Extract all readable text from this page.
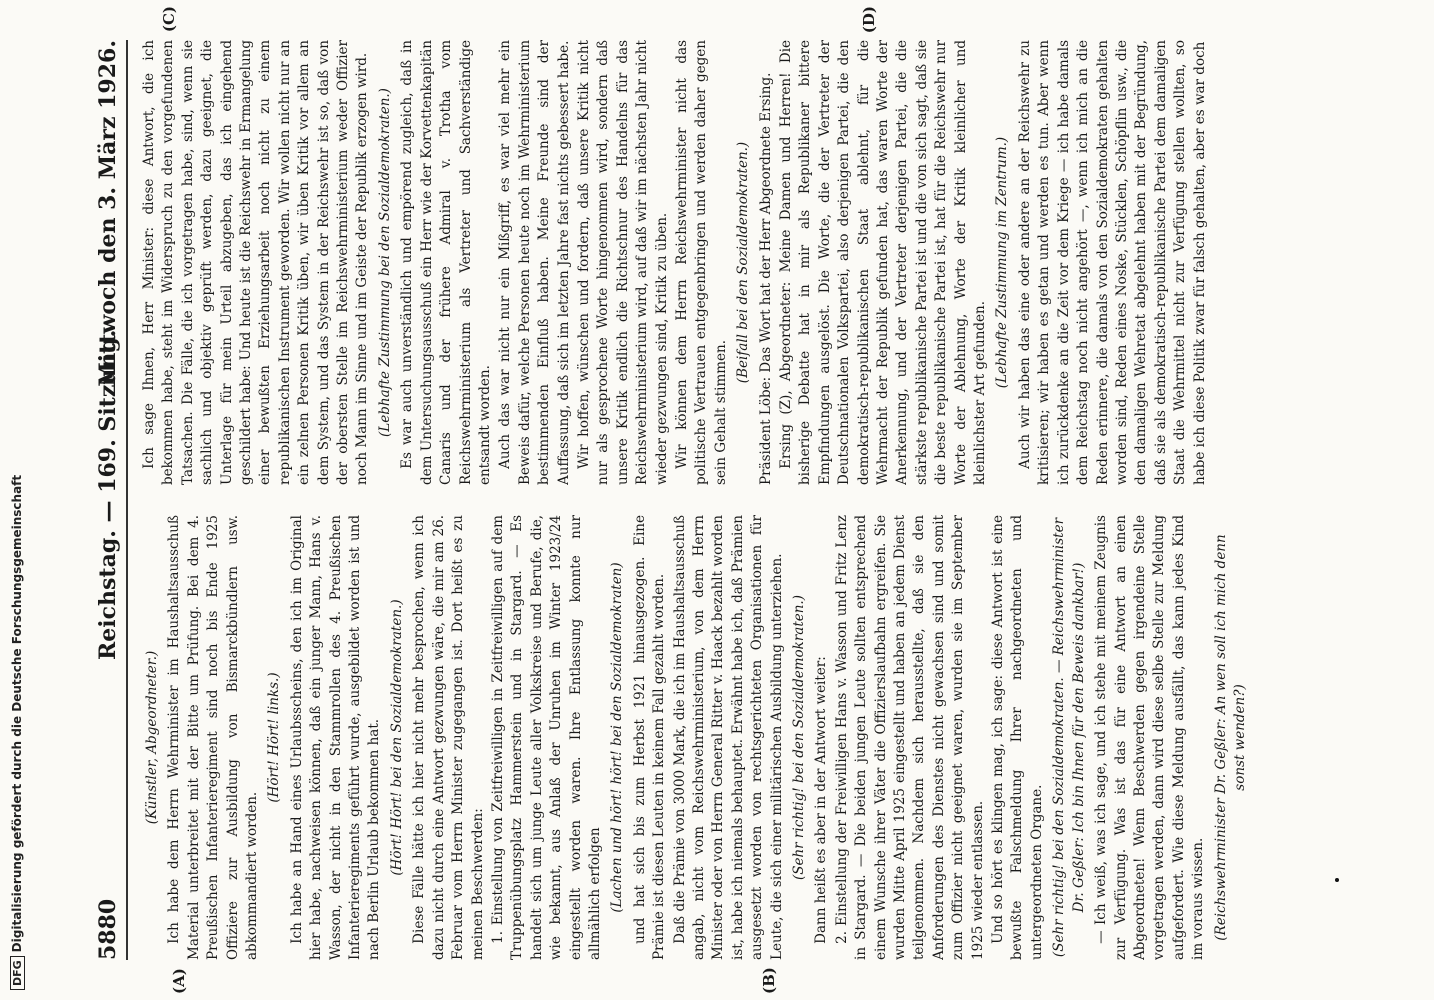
5880
Reichstag. — 169. Sitzung.
Mittwoch den 3. März 1926.
(A)	(B)
(C)	(D)

(Künstler, Abgeordneter.) Ich habe dem Herrn Wehrminister im Haushaltsausschuß Material unterbreitet mit der Bitte um Prüfung. Bei dem 4. Preußischen Infanterieregiment sind noch bis Ende 1925 Offiziere zur Ausbildung von Bismarckbündlern usw. abkommandiert worden.

(Hört! Hört! links.) Ich habe an Hand eines Urlaubsscheins, den ich im Original hier habe, nachweisen können, daß ein junger Mann, Hans v. Wasson, der nicht in den Stammrollen des 4. Preußischen Infanterieregiments geführt wurde, ausgebildet worden ist und nach Berlin Urlaub bekommen hat. (Hört! Hört! bei den Sozialdemokraten.) Diese Fälle hätte ich hier nicht mehr besprochen, wenn ich dazu nicht durch eine Antwort gezwungen wäre, die mir am 26. Februar vom Herrn Minister zugegangen ist. Dort heißt es zu meinen Beschwerden: 1. Einstellung von Zeitfreiwilligen in Zeitfreiwilligen auf dem Truppenübungsplatz Hammerstein und in Stargard. — Es handelt sich um junge Leute aller Volkskreise und Berufe, die, wie bekannt, aus Anlaß der Unruhen im Winter 1923/24 eingestellt worden waren. Ihre Entlassung konnte nur allmählich erfolgen (Lachen und hört! hört! bei den Sozialdemokraten) und hat sich bis zum Herbst 1921 hinausgezogen. Eine Prämie ist diesen Leuten in keinem Fall gezahlt worden. Daß die Prämie von 3000 Mark, die ich im Haushaltsausschuß angab, nicht vom Reichswehrministerium, von dem Herrn Minister oder von Herrn General Ritter v. Haack bezahlt worden ist, habe ich niemals behauptet. Erwähnt habe ich, daß Prämien ausgesetzt worden von rechtsgerichteten Organisationen für Leute, die sich einer militärischen Ausbildung unterziehen. (Sehr richtig! bei den Sozialdemokraten.) Dann heißt es aber in der Antwort weiter: 2. Einstellung der Freiwilligen Hans v. Wasson und Fritz Lenz in Stargard. — Die beiden jungen Leute sollten entsprechend einem Wunsche ihrer Väter die Offizierslaufbahn ergreifen. Sie wurden Mitte April 1925 eingestellt und haben an jedem Dienst teilgenommen. Nachdem sich herausstellte, daß sie den Anforderungen des Dienstes nicht gewachsen sind und somit zum Offizier nicht geeignet waren, wurden sie im September 1925 wieder entlassen. Und so hört es klingen mag, ich sage: diese Antwort ist eine bewußte Falschmeldung Ihrer nachgeordneten und untergeordneten Organe. (Sehr richtig! bei den Sozialdemokraten. — Reichswehrminister Dr. Geßler: Ich bin Ihnen für den Beweis dankbar!) — Ich weiß, was ich sage, und ich stehe mit meinem Zeugnis zur Verfügung. Was ist das für eine Antwort an einen Abgeordneten! Wenn Beschwerden gegen irgendeine Stelle vorgetragen werden, dann wird diese selbe Stelle zur Meldung aufgefordert. Wie diese Meldung ausfällt, das kann jedes Kind im voraus wissen. (Reichswehrminister Dr. Geßler: An wen soll ich mich denn sonst wenden?)

Ich sage Ihnen, Herr Minister: diese Antwort, die ich bekommen habe, steht im Widerspruch zu den vorgefundenen Tatsachen. Die Fälle, die ich vorgetragen habe, sind, wenn sie sachlich und objektiv geprüft werden, dazu geeignet, die Unterlage für mein Urteil abzugeben, das ich eingehend geschildert habe: Und heute ist die Reichswehr in Ermangelung einer bewußten Erziehungsarbeit noch nicht zu einem republikanischen Instrument geworden. Wir wollen nicht nur an ein zelnen Personen Kritik üben, wir üben Kritik vor allem an dem System, und das System in der Reichswehr ist so, daß von der obersten Stelle im Reichswehrministerium weder Offizier noch Mann im Sinne und im Geiste der Republik erzogen wird. (Lebhafte Zustimmung bei den Sozialdemokraten.) Es war auch unverständlich und empörend zugleich, daß in dem Untersuchungsausschuß ein Herr wie der Korvettenkapitän Canaris und der frühere Admiral v. Trotha vom Reichswehrministerium als Vertreter und Sachverständige entsandt worden. Auch das war nicht nur ein Mißgriff, es war viel mehr ein Beweis dafür, welche Personen heute noch im Wehrministerium bestimmenden Einfluß haben. Meine Freunde sind der Auffassung, daß sich im letzten Jahre fast nichts gebessert habe. Wir hoffen, wünschen und fordern, daß unsere Kritik nicht nur als gesprochene Worte hingenommen wird, sondern daß unsere Kritik endlich die Richtschnur des Handelns für das Reichswehrministerium wird, auf daß wir im nächsten Jahr nicht wieder gezwungen sind, Kritik zu üben. Wir können dem Herrn Reichswehrminister nicht das politische Vertrauen entgegenbringen und werden daher gegen sein Gehalt stimmen.

(Beifall bei den Sozialdemokraten.) Präsident Löbe: Das Wort hat der Herr Abgeordnete Ersing. Ersing (Z), Abgeordneter: Meine Damen und Herren! Die bisherige Debatte hat in mir als Republikaner bittere Empfindungen ausgelöst. Die Worte, die der Vertreter der Deutschnationalen Volkspartei, also derjenigen Partei, die den demokratisch-republikanischen Staat ablehnt, für die Wehrmacht der Republik gefunden hat, das waren Worte der Anerkennung, und der Vertreter derjenigen Partei, die die stärkste republikanische Partei ist und die von sich sagt, daß sie die beste republikanische Partei ist, hat für die Reichswehr nur Worte der Ablehnung, Worte der Kritik kleinlicher und kleinlichster Art gefunden.

(Lebhafte Zustimmung im Zentrum.) Auch wir haben das eine oder andere an der Reichswehr zu kritisieren; wir haben es getan und werden es tun. Aber wenn ich zurückdenke an die Zeit vor dem Kriege — ich habe damals dem Reichstag noch nicht angehört —, wenn ich mich an die Reden erinnere, die damals von den Sozialdemokraten gehalten worden sind, Reden eines Noske, Stücklen, Schöpflin usw., die den damaligen Wehretat abgelehnt haben mit der Begründung, daß sie als demokratisch-republikanische Partei dem damaligen Staat die Wehrmittel nicht zur Verfügung stellen wollten, so habe ich diese Politik zwar für falsch gehalten, aber es war doch

DFGDigitalisierung gefördert durch die Deutsche Forschungsgemeinschaft
